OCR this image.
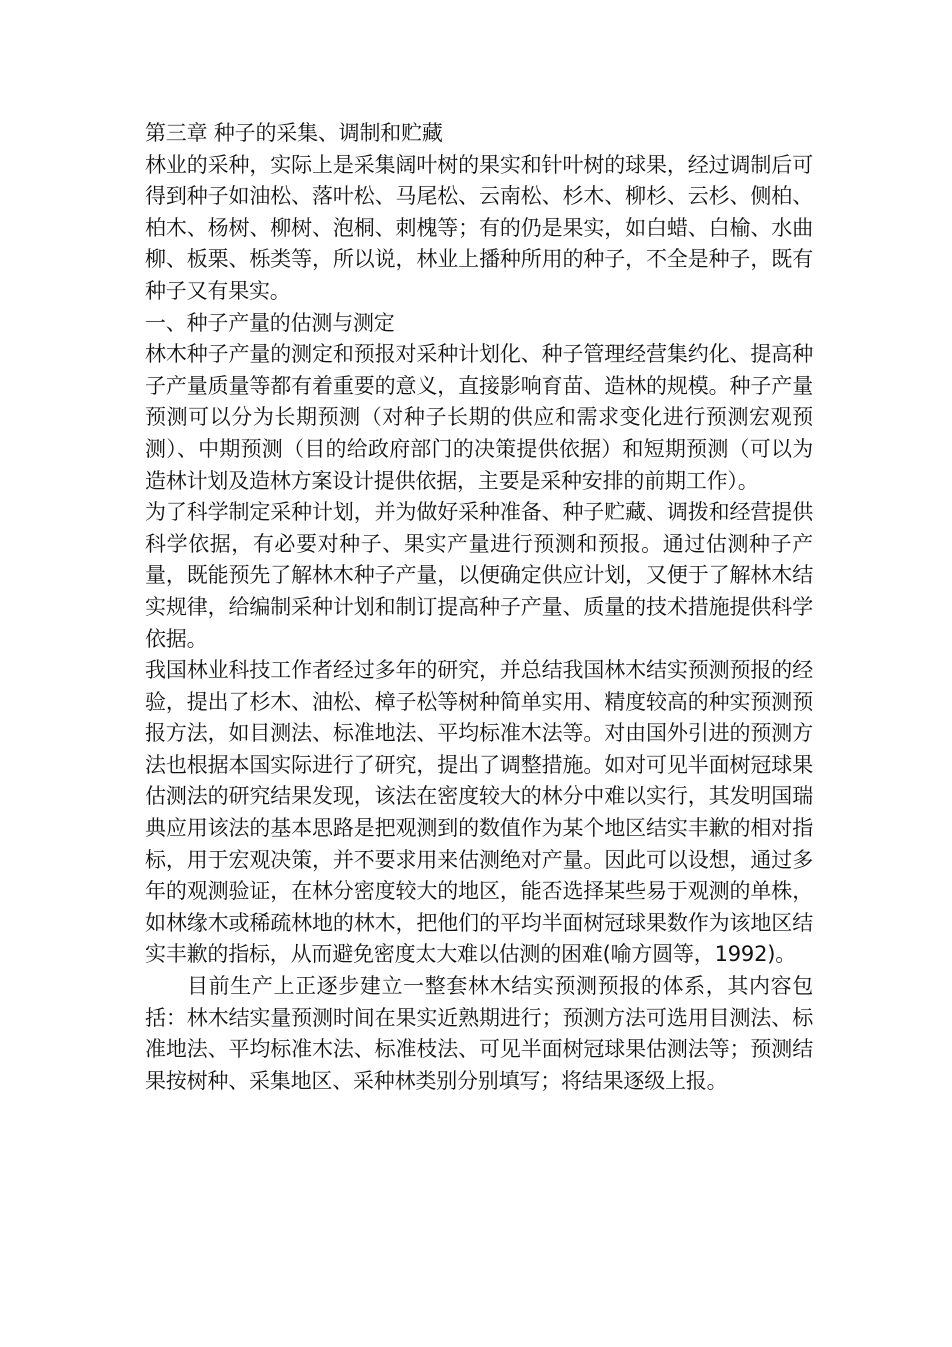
第三章 种子的采集、调制和贮藏

林业的采种，实际上是采集阔叶树的果实和针叶树的球果，经过调制后可得到种子如油松、落叶松、马尾松、云南松、杉木、柳杉、云杉、侧柏、柏木、杨树、柳树、泡桐、刺槐等；有的仍是果实，如白蜡、白榆、水曲柳、板栗、栎类等，所以说，林业上播种所用的种子，不全是种子，既有种子又有果实。

一、种子产量的估测与测定

林木种子产量的测定和预报对采种计划化、种子管理经营集约化、提高种子产量质量等都有着重要的意义，直接影响育苗、造林的规模。种子产量预测可以分为长期预测（对种子长期的供应和需求变化进行预测宏观预测）、中期预测（目的给政府部门的决策提供依据）和短期预测（可以为造林计划及造林方案设计提供依据，主要是采种安排的前期工作）。

为了科学制定采种计划，并为做好采种准备、种子贮藏、调拨和经营提供科学依据，有必要对种子、果实产量进行预测和预报。通过估测种子产量，既能预先了解林木种子产量，以便确定供应计划，又便于了解林木结实规律，给编制采种计划和制订提高种子产量、质量的技术措施提供科学依据。

我国林业科技工作者经过多年的研究，并总结我国林木结实预测预报的经验，提出了杉木、油松、樟子松等树种简单实用、精度较高的种实预测预报方法，如目测法、标准地法、平均标准木法等。对由国外引进的预测方法也根据本国实际进行了研究，提出了调整措施。如对可见半面树冠球果估测法的研究结果发现，该法在密度较大的林分中难以实行，其发明国瑞典应用该法的基本思路是把观测到的数值作为某个地区结实丰歉的相对指标，用于宏观决策，并不要求用来估测绝对产量。因此可以设想，通过多年的观测验证，在林分密度较大的地区，能否选择某些易于观测的单株，如林缘木或稀疏林地的林木，把他们的平均半面树冠球果数作为该地区结实丰歉的指标，从而避免密度太大难以估测的困难(喻方圆等，1992)。

目前生产上正逐步建立一整套林木结实预测预报的体系，其内容包括：林木结实量预测时间在果实近熟期进行；预测方法可选用目测法、标准地法、平均标准木法、标准枝法、可见半面树冠球果估测法等；预测结果按树种、采集地区、采种林类别分别填写；将结果逐级上报。
